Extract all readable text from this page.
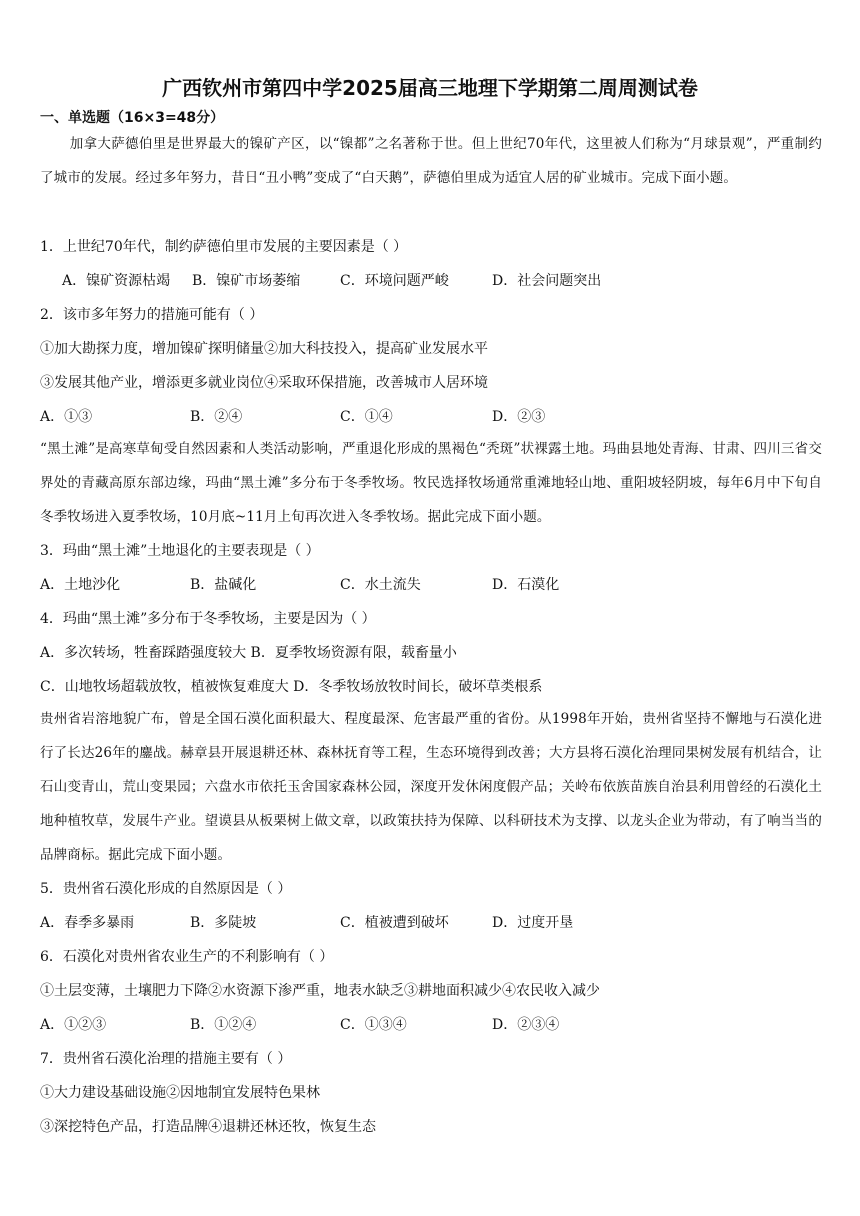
广西钦州市第四中学2025届高三地理下学期第二周周测试卷
一、单选题（16×3=48分）
加拿大萨德伯里是世界最大的镍矿产区，以“镍都”之名著称于世。但上世纪70年代，这里被人们称为“月球景观”，严重制约了城市的发展。经过多年努力，昔日“丑小鸭”变成了“白天鹅”，萨德伯里成为适宜人居的矿业城市。完成下面小题。
1．上世纪70年代，制约萨德伯里市发展的主要因素是（ ）
A．镍矿资源枯竭 B．镍矿市场萎缩	C．环境问题严峻	D．社会问题突出
2．该市多年努力的措施可能有（ ）
①加大勘探力度，增加镍矿探明储量②加大科技投入，提高矿业发展水平
③发展其他产业，增添更多就业岗位④采取环保措施，改善城市人居环境
A．①③	B．②④	C．①④	D．②③
“黑土滩”是高寒草甸受自然因素和人类活动影响，严重退化形成的黑褐色“秃斑”状裸露土地。玛曲县地处青海、甘肃、四川三省交界处的青藏高原东部边缘，玛曲“黑土滩”多分布于冬季牧场。牧民选择牧场通常重滩地轻山地、重阳坡轻阴坡，每年6月中下旬自冬季牧场进入夏季牧场，10月底~11月上旬再次进入冬季牧场。据此完成下面小题。
3．玛曲“黑土滩”土地退化的主要表现是（ ）
A．土地沙化	B．盐碱化	C．水土流失	D．石漠化
4．玛曲“黑土滩”多分布于冬季牧场，主要是因为（ ）
A．多次转场，牲畜踩踏强度较大 B．夏季牧场资源有限，载畜量小
C．山地牧场超载放牧，植被恢复难度大 D．冬季牧场放牧时间长，破坏草类根系
贵州省岩溶地貌广布，曾是全国石漠化面积最大、程度最深、危害最严重的省份。从1998年开始，贵州省坚持不懈地与石漠化进行了长达26年的鏖战。赫章县开展退耕还林、森林抚育等工程，生态环境得到改善；大方县将石漠化治理同果树发展有机结合，让石山变青山，荒山变果园；六盘水市依托玉舍国家森林公园，深度开发休闲度假产品；关岭布依族苗族自治县利用曾经的石漠化土地种植牧草，发展牛产业。望谟县从板栗树上做文章，以政策扶持为保障、以科研技术为支撑、以龙头企业为带动，有了响当当的品牌商标。据此完成下面小题。
5．贵州省石漠化形成的自然原因是（ ）
A．春季多暴雨	B．多陡坡	C．植被遭到破坏	D．过度开垦
6．石漠化对贵州省农业生产的不利影响有（ ）
①土层变薄，土壤肥力下降②水资源下渗严重，地表水缺乏③耕地面积减少④农民收入减少
A．①②③	B．①②④	C．①③④	D．②③④
7．贵州省石漠化治理的措施主要有（ ）
①大力建设基础设施②因地制宜发展特色果林
③深挖特色产品，打造品牌④退耕还林还牧，恢复生态
